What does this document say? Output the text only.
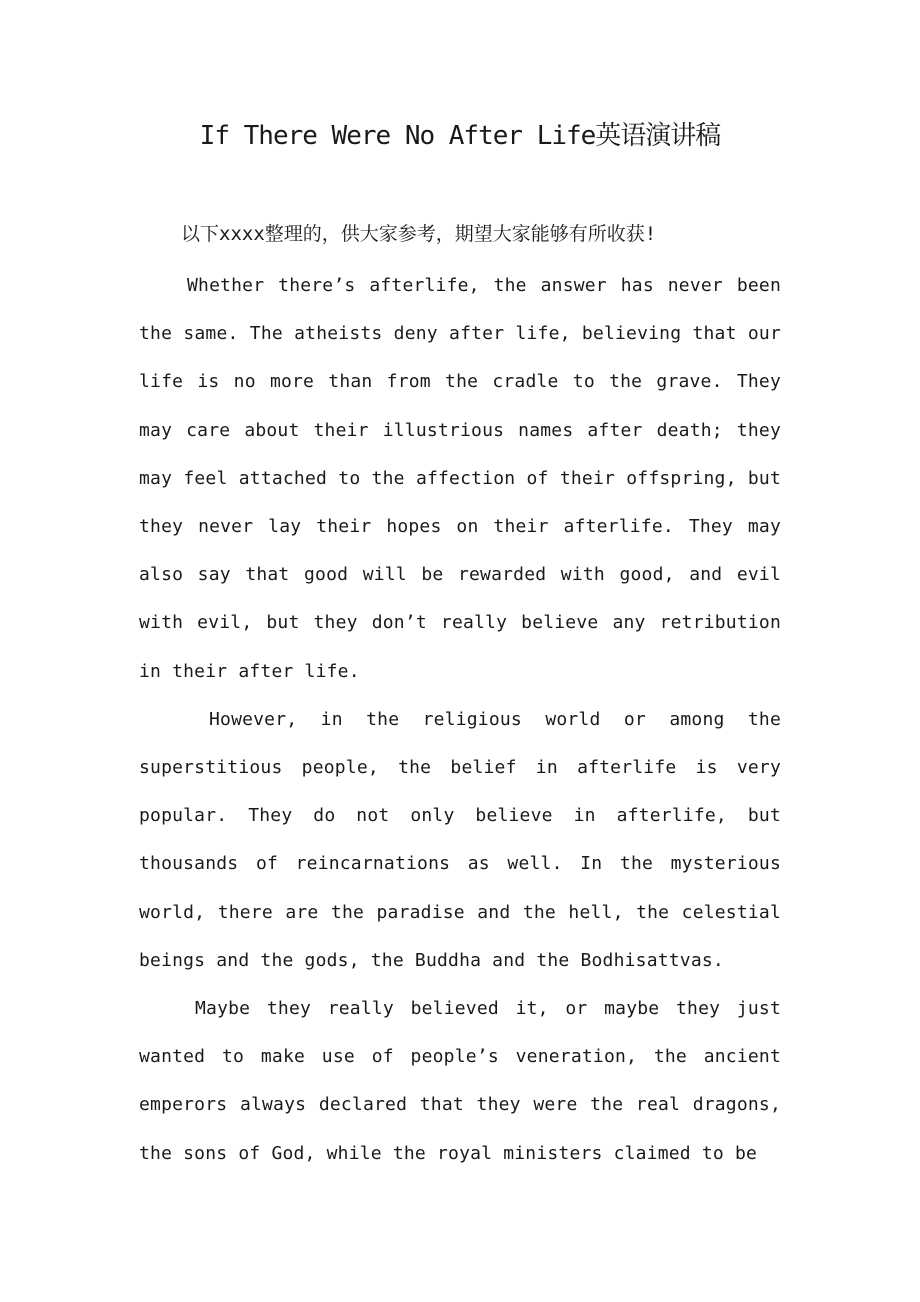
If There Were No After Life英语演讲稿

以下xxxx整理的，供大家参考，期望大家能够有所收获!

Whether there’s afterlife, the answer has never been the same. The atheists deny after life, believing that our life is no more than from the cradle to the grave. They may care about their illustrious names after death; they may feel attached to the affection of their offspring, but they never lay their hopes on their afterlife. They may also say that good will be rewarded with good, and evil with evil, but they don’t really believe any retribution in their after life.

However, in the religious world or among the superstitious people, the belief in afterlife is very popular. They do not only believe in afterlife, but thousands of reincarnations as well. In the mysterious world, there are the paradise and the hell, the celestial beings and the gods, the Buddha and the Bodhisattvas.

Maybe they really believed it, or maybe they just wanted to make use of people’s veneration, the ancient emperors always declared that they were the real dragons, the sons of God, while the royal ministers claimed to be
